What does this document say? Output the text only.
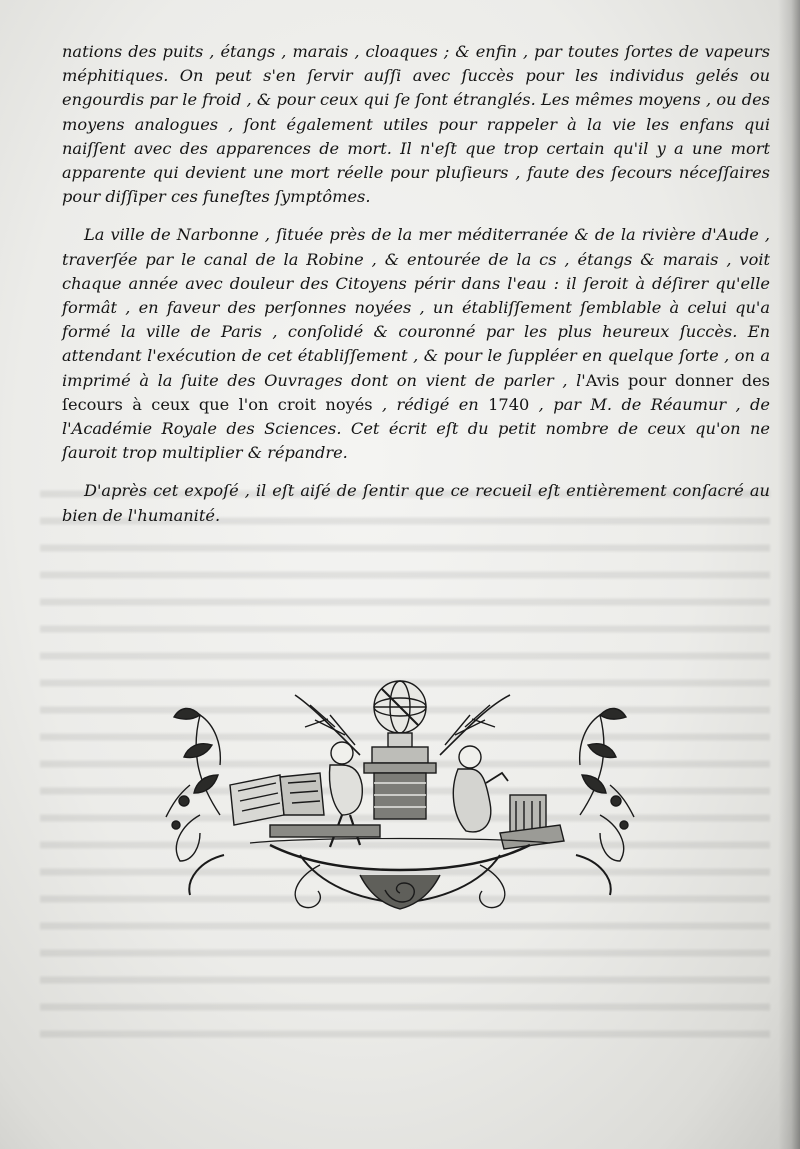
nations des puits , étangs , marais , cloaques ; & enfin , par toutes ſortes de vapeurs méphitiques. On peut s'en ſervir auſſi avec ſuccès pour les individus gelés ou engourdis par le froid , & pour ceux qui ſe ſont étranglés. Les mêmes moyens , ou des moyens analogues , ſont également utiles pour rappeler à la vie les enfans qui naiſſent avec des apparences de mort. Il n'eſt que trop certain qu'il y a une mort apparente qui devient une mort réelle pour pluſieurs , faute des ſecours néceſſaires pour diſſiper ces funeſtes ſymptômes.

La ville de Narbonne , ſituée près de la mer méditerranée & de la rivière d'Aude , traverſée par le canal de la Robine , & entourée de la cs , étangs & marais , voit chaque année avec douleur des Citoyens périr dans l'eau : il ſeroit à déſirer qu'elle formât , en faveur des perſonnes noyées , un établiſſement ſemblable à celui qu'a formé la ville de Paris , conſolidé & couronné par les plus heureux ſuccès. En attendant l'exécution de cet établiſſement , & pour le ſuppléer en quelque ſorte , on a imprimé à la ſuite des Ouvrages dont on vient de parler , l'Avis pour donner des ſecours à ceux que l'on croit noyés , rédigé en 1740 , par M. de Réaumur , de l'Académie Royale des Sciences. Cet écrit eſt du petit nombre de ceux qu'on ne ſauroit trop multiplier & répandre.

D'après cet expoſé , il eſt aiſé de ſentir que ce recueil eſt entièrement conſacré au bien de l'humanité.
